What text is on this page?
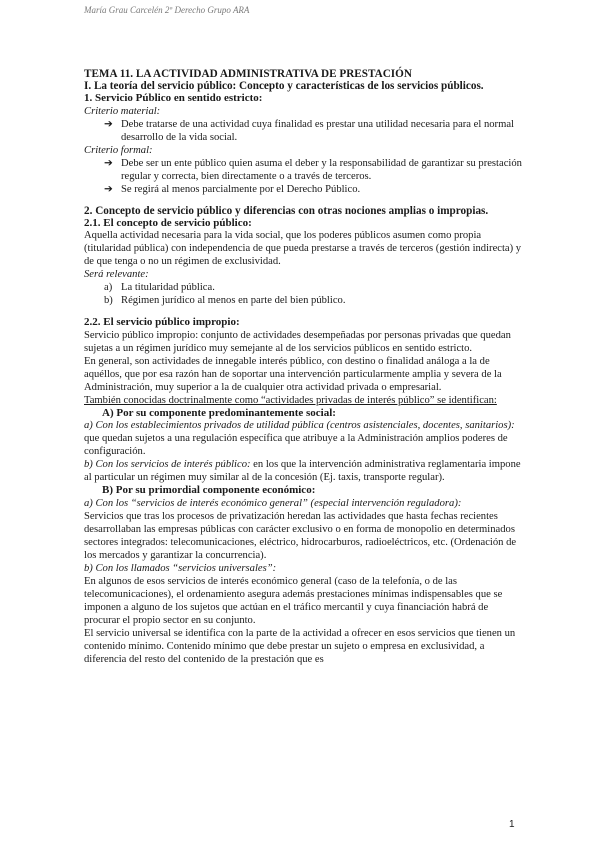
María Grau Carcelén 2º Derecho Grupo ARA

TEMA 11. LA ACTIVIDAD ADMINISTRATIVA DE PRESTACIÓN

I. La teoría del servicio público: Concepto y características de los servicios públicos.

1. Servicio Público en sentido estricto:

Criterio material:

➔ Debe tratarse de una actividad cuya finalidad es prestar una utilidad necesaria para el normal desarrollo de la vida social.

Criterio formal:

➔ Debe ser un ente público quien asuma el deber y la responsabilidad de garantizar su prestación regular y correcta, bien directamente o a través de terceros.

➔ Se regirá al menos parcialmente por el Derecho Público.

2. Concepto de servicio público y diferencias con otras nociones amplias o impropias.

2.1. El concepto de servicio público:

Aquella actividad necesaria para la vida social, que los poderes públicos asumen como propia (titularidad pública) con independencia de que pueda prestarse a través de terceros (gestión indirecta) y de que tenga o no un régimen de exclusividad.

Será relevante:

a) La titularidad pública.

b) Régimen jurídico al menos en parte del bien público.

2.2. El servicio público impropio:

Servicio público impropio: conjunto de actividades desempeñadas por personas privadas que quedan sujetas a un régimen jurídico muy semejante al de los servicios públicos en sentido estricto.

En general, son actividades de innegable interés público, con destino o finalidad análoga a la de aquéllos, que por esa razón han de soportar una intervención particularmente amplia y severa de la Administración, muy superior a la de cualquier otra actividad privada o empresarial.

También conocidas doctrinalmente como “actividades privadas de interés público” se identifican:

A) Por su componente predominantemente social:

a) Con los establecimientos privados de utilidad pública (centros asistenciales, docentes, sanitarios): que quedan sujetos a una regulación específica que atribuye a la Administración amplios poderes de configuración.

b) Con los servicios de interés público: en los que la intervención administrativa reglamentaria impone al particular un régimen muy similar al de la concesión (Ej. taxis, transporte regular).

B) Por su primordial componente económico:

a) Con los “servicios de interés económico general” (especial intervención reguladora):

Servicios que tras los procesos de privatización heredan las actividades que hasta fechas recientes desarrollaban las empresas públicas con carácter exclusivo o en forma de monopolio en determinados sectores integrados: telecomunicaciones, eléctrico, hidrocarburos, radioeléctricos, etc. (Ordenación de los mercados y garantizar la concurrencia).

b) Con los llamados “servicios universales”:

En algunos de esos servicios de interés económico general (caso de la telefonía, o de las telecomunicaciones), el ordenamiento asegura además prestaciones mínimas indispensables que se imponen a alguno de los sujetos que actúan en el tráfico mercantil y cuya financiación habrá de procurar el propio sector en su conjunto.

El servicio universal se identifica con la parte de la actividad a ofrecer en esos servicios que tienen un contenido mínimo. Contenido mínimo que debe prestar un sujeto o empresa en exclusividad, a diferencia del resto del contenido de la prestación que es

1
